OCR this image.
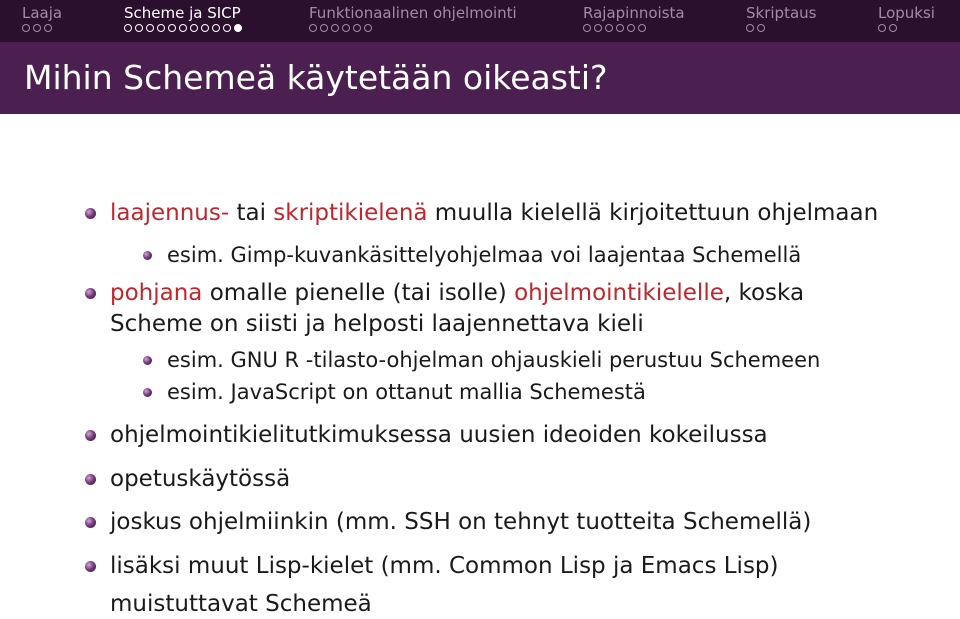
Laaja	Scheme ja SICP	Funktionaalinen ohjelmointi	Rajapinnoista	Skriptaus	Lopuksi
Mihin Schemeä käytetään oikeasti?
laajennus- tai skriptikielenä muulla kielellä kirjoitettuun ohjelmaan
esim. Gimp-kuvankäsittelyohjelmaa voi laajentaa Schemellä
pohjana omalle pienelle (tai isolle) ohjelmointikielelle, koska
Scheme on siisti ja helposti laajennettava kieli
esim. GNU R -tilasto-ohjelman ohjauskieli perustuu Schemeen
esim. JavaScript on ottanut mallia Schemestä
ohjelmointikielitutkimuksessa uusien ideoiden kokeilussa
opetuskäytössä
joskus ohjelmiinkin (mm. SSH on tehnyt tuotteita Schemellä)
lisäksi muut Lisp-kielet (mm. Common Lisp ja Emacs Lisp)
muistuttavat Schemeä
